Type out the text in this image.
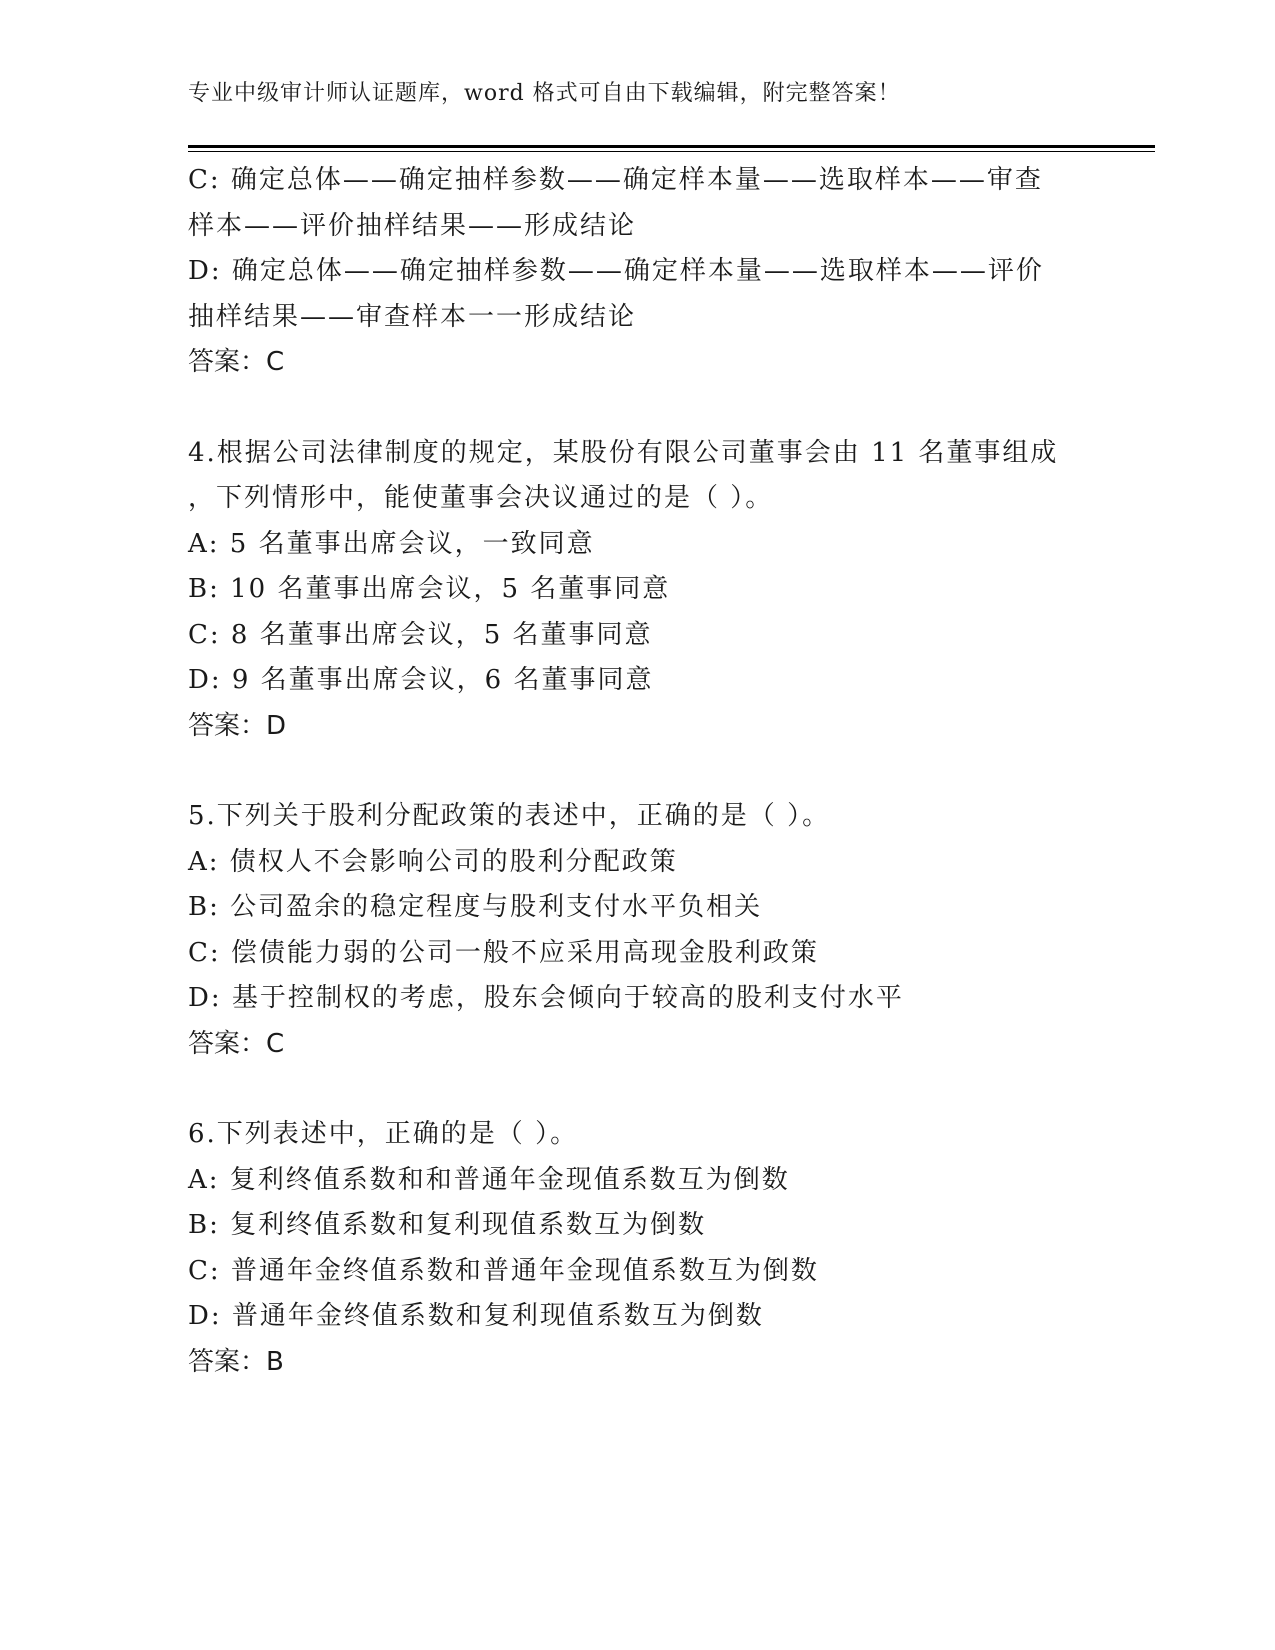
专业中级审计师认证题库，word 格式可自由下载编辑，附完整答案！
C: 确定总体——确定抽样参数——确定样本量——选取样本——审查
样本——评价抽样结果——形成结论
D: 确定总体——确定抽样参数——确定样本量——选取样本——评价
抽样结果——审查样本一一形成结论
答案：C
4.根据公司法律制度的规定，某股份有限公司董事会由 11 名董事组成
，下列情形中，能使董事会决议通过的是（ ）。
A: 5 名董事出席会议，一致同意
B: 10 名董事出席会议，5 名董事同意
C: 8 名董事出席会议，5 名董事同意
D: 9 名董事出席会议，6 名董事同意
答案：D
5.下列关于股利分配政策的表述中，正确的是（ ）。
A: 债权人不会影响公司的股利分配政策
B: 公司盈余的稳定程度与股利支付水平负相关
C: 偿债能力弱的公司一般不应采用高现金股利政策
D: 基于控制权的考虑，股东会倾向于较高的股利支付水平
答案：C
6.下列表述中，正确的是（ ）。
A: 复利终值系数和和普通年金现值系数互为倒数
B: 复利终值系数和复利现值系数互为倒数
C: 普通年金终值系数和普通年金现值系数互为倒数
D: 普通年金终值系数和复利现值系数互为倒数
答案：B
